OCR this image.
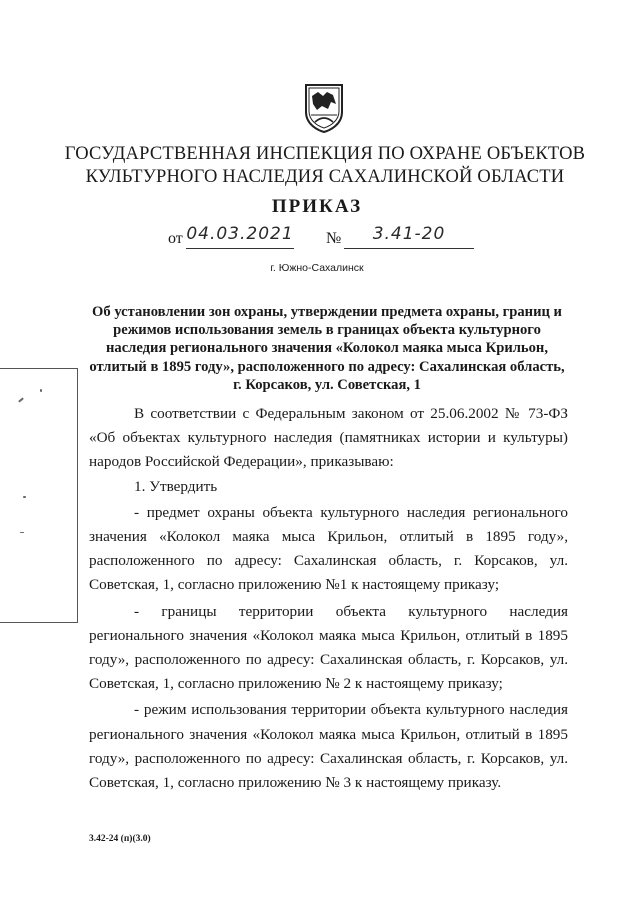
ГОСУДАРСТВЕННАЯ ИНСПЕКЦИЯ ПО ОХРАНЕ ОБЪЕКТОВ КУЛЬТУРНОГО НАСЛЕДИЯ САХАЛИНСКОЙ ОБЛАСТИ
ПРИКАЗ
от 04.03.2021 №	3.41-20
г. Южно-Сахалинск
Об установлении зон охраны, утверждении предмета охраны, границ и режимов использования земель в границах объекта культурного наследия регионального значения «Колокол маяка мыса Крильон, отлитый в 1895 году», расположенного по адресу: Сахалинская область, г. Корсаков, ул. Советская, 1

В соответствии с Федеральным законом от 25.06.2002 № 73-ФЗ «Об объектах культурного наследия (памятниках истории и культуры) народов Российской Федерации», приказываю:

1. Утвердить

- предмет охраны объекта культурного наследия регионального значения «Колокол маяка мыса Крильон, отлитый в 1895 году», расположенного по адресу: Сахалинская область, г. Корсаков, ул. Советская, 1, согласно приложению №1 к настоящему приказу;

- границы территории объекта культурного наследия регионального значения «Колокол маяка мыса Крильон, отлитый в 1895 году», расположенного по адресу: Сахалинская область, г. Корсаков, ул. Советская, 1, согласно приложению № 2 к настоящему приказу;

- режим использования территории объекта культурного наследия регионального значения «Колокол маяка мыса Крильон, отлитый в 1895 году», расположенного по адресу: Сахалинская область, г. Корсаков, ул. Советская, 1, согласно приложению № 3 к настоящему приказу.

3.42-24 (п)(3.0)
